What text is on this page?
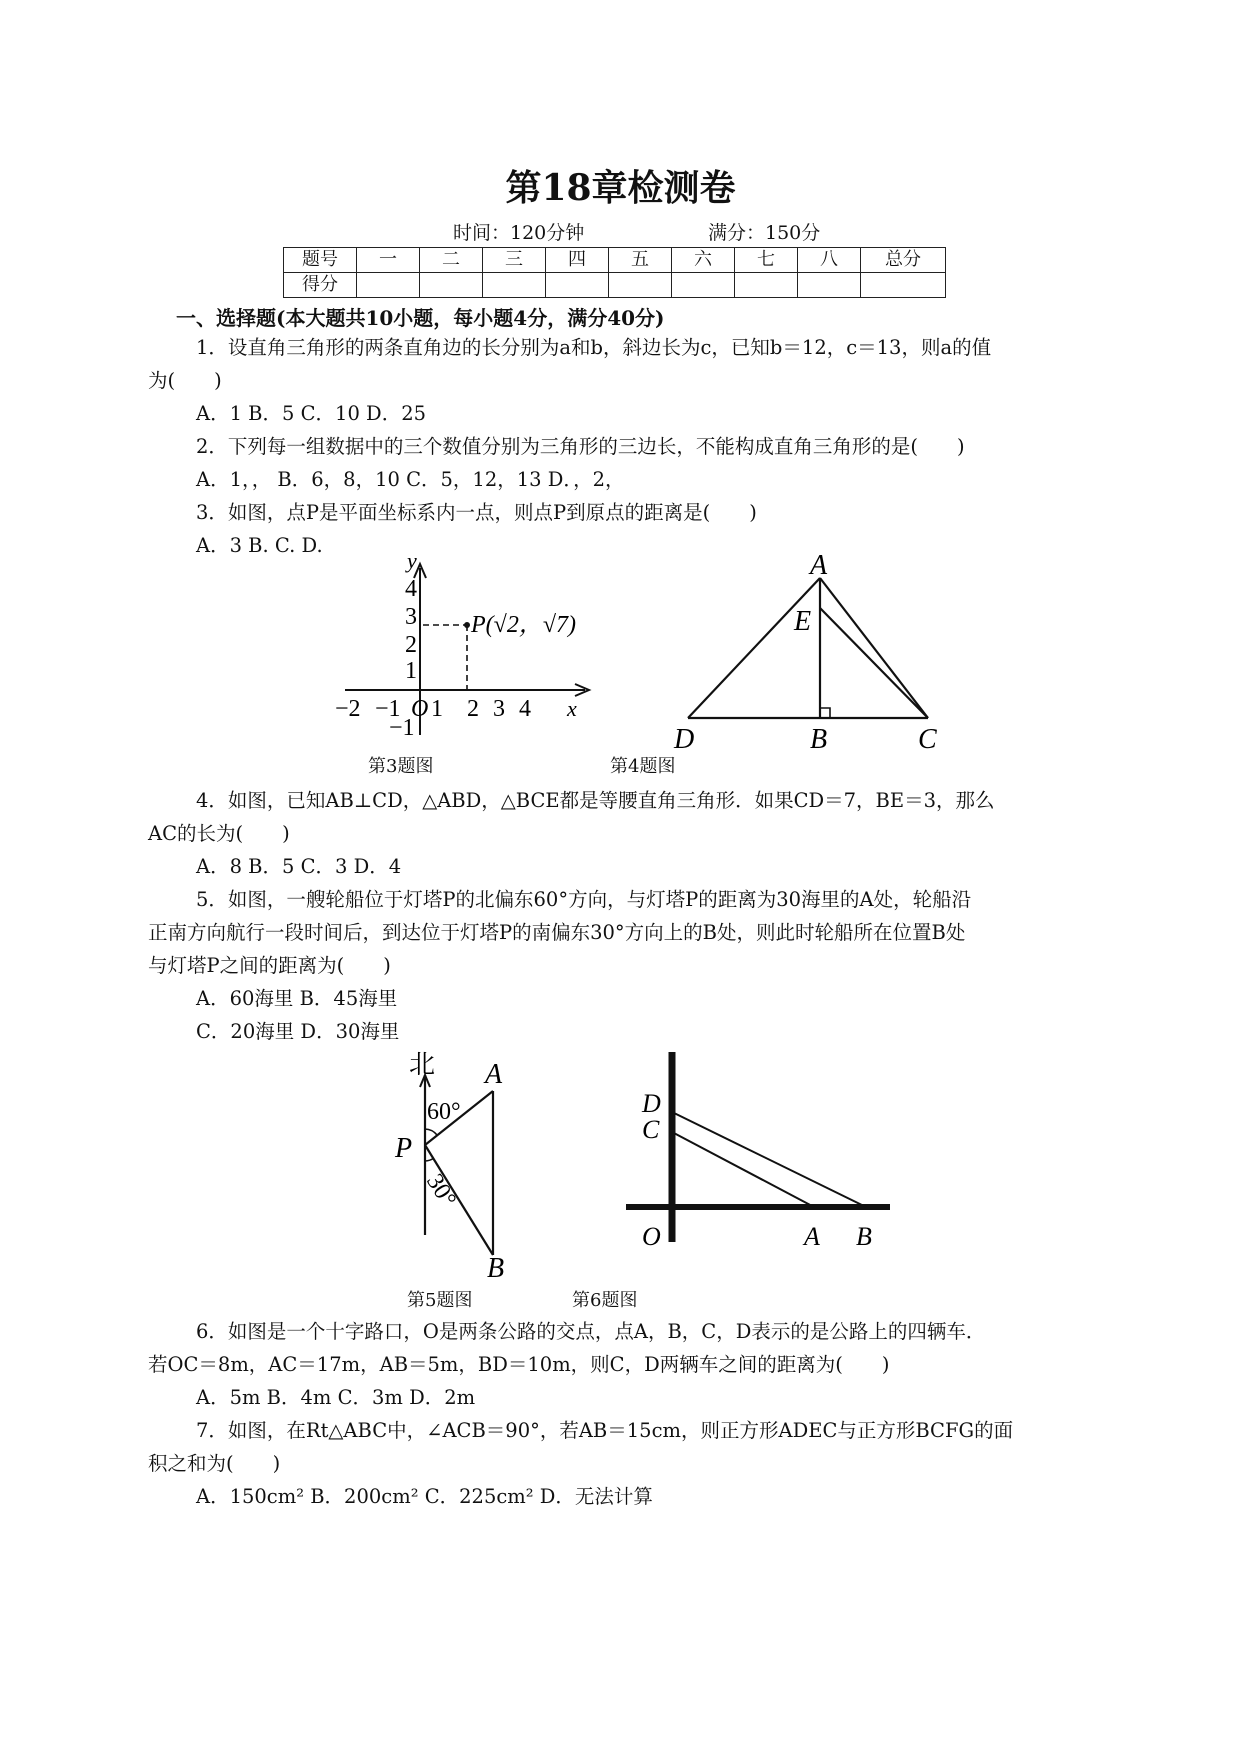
第18章检测卷
时间：120分钟	满分：150分
题号	一	二	三	四	五	六	七	八	总分
得分									
一、选择题(本大题共10小题，每小题4分，满分40分)
1．设直角三角形的两条直角边的长分别为a和b，斜边长为c，已知b＝12，c＝13，则a的值
为(　　)
A．1 B．5 C．10 D．25
2．下列每一组数据中的三个数值分别为三角形的三边长，不能构成直角三角形的是(　　)
A．1，， B．6，8，10 C．5，12，13 D．，2，
3．如图，点P是平面坐标系内一点，则点P到原点的距离是(　　)
A．3 B. C. D.
y
x
4
3
2
1
−1
−2 −1 O 1 2 3 4
P(√2，√7)
第3题图
A
E
D	B	C
第4题图
4．如图，已知AB⊥CD，△ABD，△BCE都是等腰直角三角形．如果CD＝7，BE＝3，那么
AC的长为(　　)
A．8 B．5 C．3 D．4
5．如图，一艘轮船位于灯塔P的北偏东60°方向，与灯塔P的距离为30海里的A处，轮船沿
正南方向航行一段时间后，到达位于灯塔P的南偏东30°方向上的B处，则此时轮船所在位置B处
与灯塔P之间的距离为(　　)
A．60海里 B．45海里
C．20海里 D．30海里
北
60°
30°
P
A
B
第5题图
D
C
O	A B
第6题图
6．如图是一个十字路口，O是两条公路的交点，点A，B，C，D表示的是公路上的四辆车．
若OC＝8m，AC＝17m，AB＝5m，BD＝10m，则C，D两辆车之间的距离为(　　)
A．5m B．4m C．3m D．2m
7．如图，在Rt△ABC中，∠ACB＝90°，若AB＝15cm，则正方形ADEC与正方形BCFG的面
积之和为(　　)
A．150cm² B．200cm² C．225cm² D．无法计算
